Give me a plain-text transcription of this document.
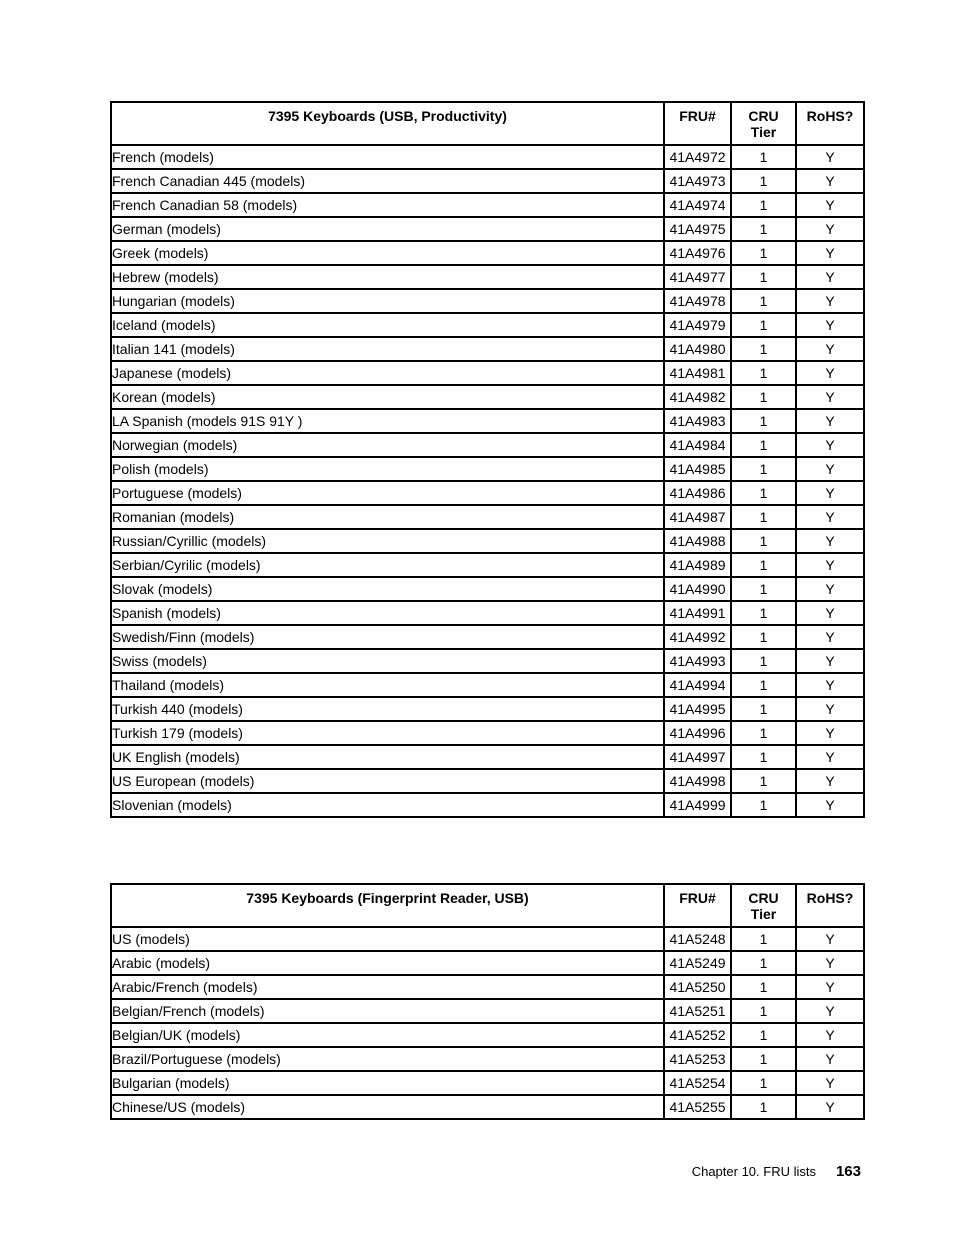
7395 Keyboards (USB, Productivity)	FRU#	CRU Tier	RoHS?
French (models)	41A4972	1	Y
French Canadian 445 (models)	41A4973	1	Y
French Canadian 58 (models)	41A4974	1	Y
German (models)	41A4975	1	Y
Greek (models)	41A4976	1	Y
Hebrew (models)	41A4977	1	Y
Hungarian (models)	41A4978	1	Y
Iceland (models)	41A4979	1	Y
Italian 141 (models)	41A4980	1	Y
Japanese (models)	41A4981	1	Y
Korean (models)	41A4982	1	Y
LA Spanish (models 91S 91Y )	41A4983	1	Y
Norwegian (models)	41A4984	1	Y
Polish (models)	41A4985	1	Y
Portuguese (models)	41A4986	1	Y
Romanian (models)	41A4987	1	Y
Russian/Cyrillic (models)	41A4988	1	Y
Serbian/Cyrilic (models)	41A4989	1	Y
Slovak (models)	41A4990	1	Y
Spanish (models)	41A4991	1	Y
Swedish/Finn (models)	41A4992	1	Y
Swiss (models)	41A4993	1	Y
Thailand (models)	41A4994	1	Y
Turkish 440 (models)	41A4995	1	Y
Turkish 179 (models)	41A4996	1	Y
UK English (models)	41A4997	1	Y
US European (models)	41A4998	1	Y
Slovenian (models)	41A4999	1	Y
7395 Keyboards (Fingerprint Reader, USB)	FRU#	CRU Tier	RoHS?
US (models)	41A5248	1	Y
Arabic (models)	41A5249	1	Y
Arabic/French (models)	41A5250	1	Y
Belgian/French (models)	41A5251	1	Y
Belgian/UK (models)	41A5252	1	Y
Brazil/Portuguese (models)	41A5253	1	Y
Bulgarian (models)	41A5254	1	Y
Chinese/US (models)	41A5255	1	Y
Chapter 10. FRU lists 163
